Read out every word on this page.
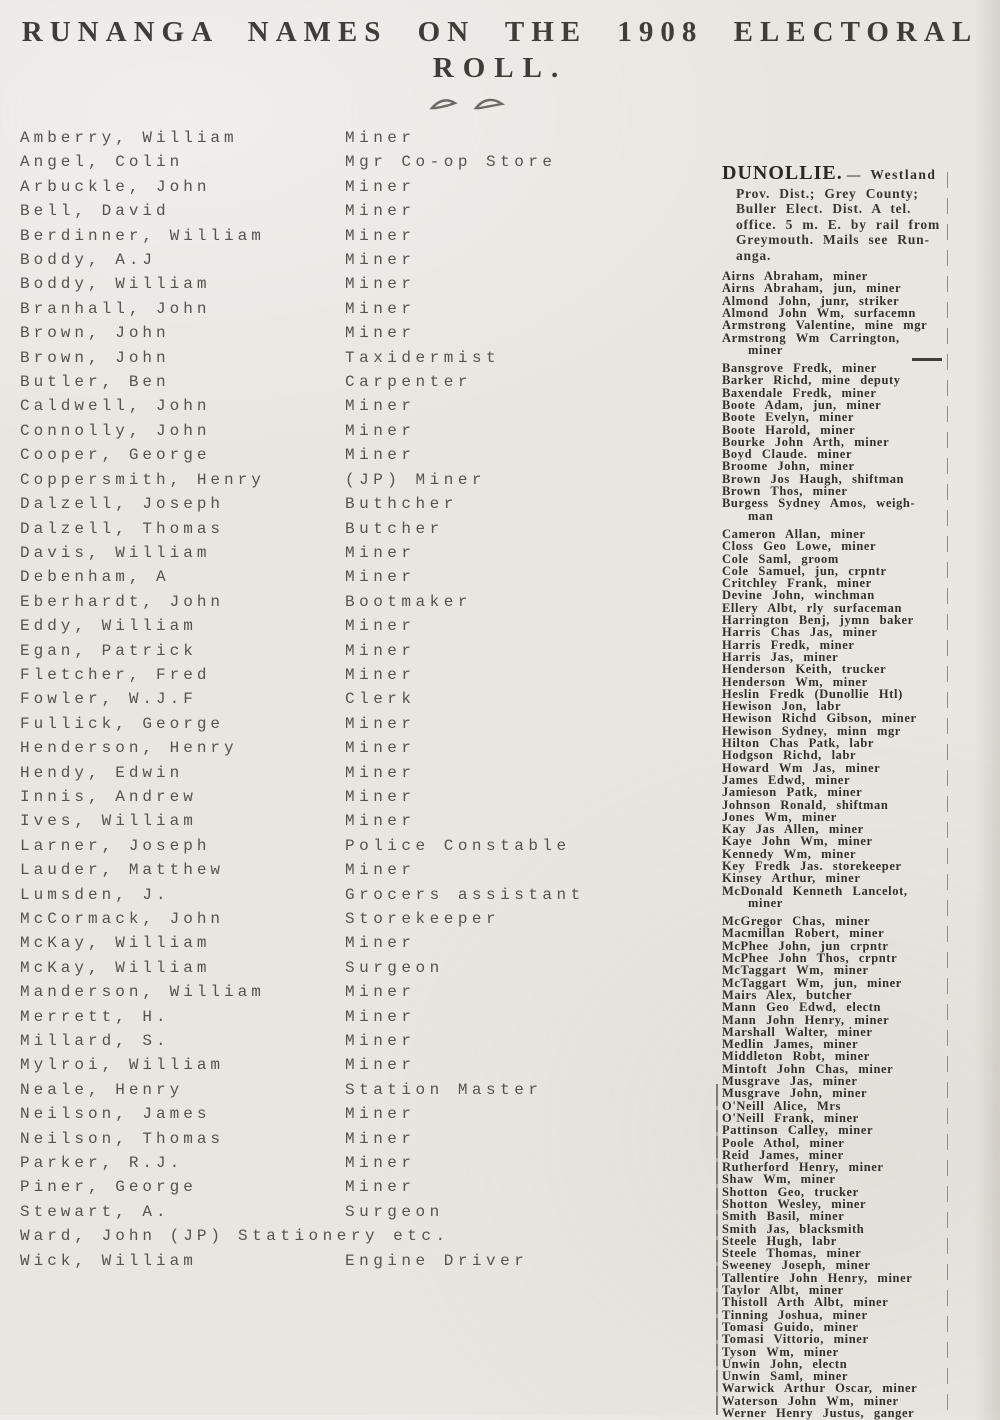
RUNANGA NAMES ON THE 1908 ELECTORAL
ROLL.
Amberry, William	Miner
Angel, Colin	Mgr Co-op Store
Arbuckle, John	Miner
Bell, David	Miner
Berdinner, William	Miner
Boddy, A.J	Miner
Boddy, William	Miner
Branhall, John	Miner
Brown, John	Miner
Brown, John	Taxidermist
Butler, Ben	Carpenter
Caldwell, John	Miner
Connolly, John	Miner
Cooper, George	Miner
Coppersmith, Henry	(JP) Miner
Dalzell, Joseph	Buthcher
Dalzell, Thomas	Butcher
Davis, William	Miner
Debenham, A	Miner
Eberhardt, John	Bootmaker
Eddy, William	Miner
Egan, Patrick	Miner
Fletcher, Fred	Miner
Fowler, W.J.F	Clerk
Fullick, George	Miner
Henderson, Henry	Miner
Hendy, Edwin	Miner
Innis, Andrew	Miner
Ives, William	Miner
Larner, Joseph	Police Constable
Lauder, Matthew	Miner
Lumsden, J.	Grocers assistant
McCormack, John	Storekeeper
McKay, William	Miner
McKay, William	Surgeon
Manderson, William	Miner
Merrett, H.	Miner
Millard, S.	Miner
Mylroi, William	Miner
Neale, Henry	Station Master
Neilson, James	Miner
Neilson, Thomas	Miner
Parker, R.J.	Miner
Piner, George	Miner
Stewart, A.	Surgeon
Ward, John (JP) Stationery etc.
Wick, William	Engine Driver
DUNOLLIE. — Westland
Prov. Dist.; Grey County;
Buller Elect. Dist. A tel.
office. 5 m. E. by rail from
Greymouth. Mails see Run-
anga.
Airns Abraham, miner
Airns Abraham, jun, miner
Almond John, junr, striker
Almond John Wm, surfacemn
Armstrong Valentine, mine mgr
Armstrong Wm Carrington,
miner
Bansgrove Fredk, miner
Barker Richd, mine deputy
Baxendale Fredk, miner
Boote Adam, jun, miner
Boote Evelyn, miner
Boote Harold, miner
Bourke John Arth, miner
Boyd Claude. miner
Broome John, miner
Brown Jos Haugh, shiftman
Brown Thos, miner
Burgess Sydney Amos, weigh-
man
Cameron Allan, miner
Closs Geo Lowe, miner
Cole Saml, groom
Cole Samuel, jun, crpntr
Critchley Frank, miner
Devine John, winchman
Ellery Albt, rly surfaceman
Harrington Benj, jymn baker
Harris Chas Jas, miner
Harris Fredk, miner
Harris Jas, miner
Henderson Keith, trucker
Henderson Wm, miner
Heslin Fredk (Dunollie Htl)
Hewison Jon, labr
Hewison Richd Gibson, miner
Hewison Sydney, minn mgr
Hilton Chas Patk, labr
Hodgson Richd, labr
Howard Wm Jas, miner
James Edwd, miner
Jamieson Patk, miner
Johnson Ronald, shiftman
Jones Wm, miner
Kay Jas Allen, miner
Kaye John Wm, miner
Kennedy Wm, miner
Key Fredk Jas. storekeeper
Kinsey Arthur, miner
McDonald Kenneth Lancelot,
miner
McGregor Chas, miner
Macmillan Robert, miner
McPhee John, jun crpntr
McPhee John Thos, crpntr
McTaggart Wm, miner
McTaggart Wm, jun, miner
Mairs Alex, butcher
Mann Geo Edwd, electn
Mann John Henry, miner
Marshall Walter, miner
Medlin James, miner
Middleton Robt, miner
Mintoft John Chas, miner
Musgrave Jas, miner
Musgrave John, miner
O'Neill Alice, Mrs
O'Neill Frank, miner
Pattinson Calley, miner
Poole Athol, miner
Reid James, miner
Rutherford Henry, miner
Shaw Wm, miner
Shotton Geo, trucker
Shotton Wesley, miner
Smith Basil, miner
Smith Jas, blacksmith
Steele Hugh, labr
Steele Thomas, miner
Sweeney Joseph, miner
Tallentire John Henry, miner
Taylor Albt, miner
Thistoll Arth Albt, miner
Tinning Joshua, miner
Tomasi Guido, miner
Tomasi Vittorio, miner
Tyson Wm, miner
Unwin John, electn
Unwin Saml, miner
Warwick Arthur Oscar, miner
Waterson John Wm, miner
Werner Henry Justus, ganger
